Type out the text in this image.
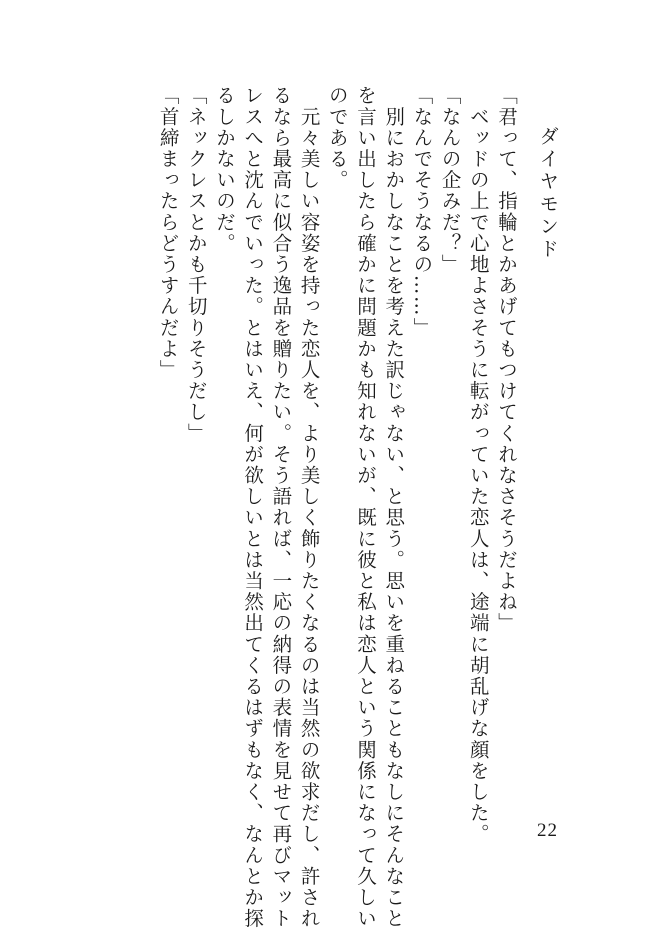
ダイヤモンド
「君って、指輪とかあげてもつけてくれなさそうだよね」
　ベッドの上で心地よさそうに転がっていた恋人は、途端に胡乱げな顔をした。
「なんの企みだ？」
「なんでそうなるの……」
　別におかしなことを考えた訳じゃない、と思う。思いを重ねることもなしにそんなこと
を言い出したら確かに問題かも知れないが、既に彼と私は恋人という関係になって久しい
のである。
　元々美しい容姿を持った恋人を、より美しく飾りたくなるのは当然の欲求だし、許され
るなら最高に似合う逸品を贈りたい。そう語れば、一応の納得の表情を見せて再びマット
レスへと沈んでいった。とはいえ、何が欲しいとは当然出てくるはずもなく、なんとか探
るしかないのだ。
「ネックレスとかも千切りそうだし」
「首締まったらどうすんだよ」
22
